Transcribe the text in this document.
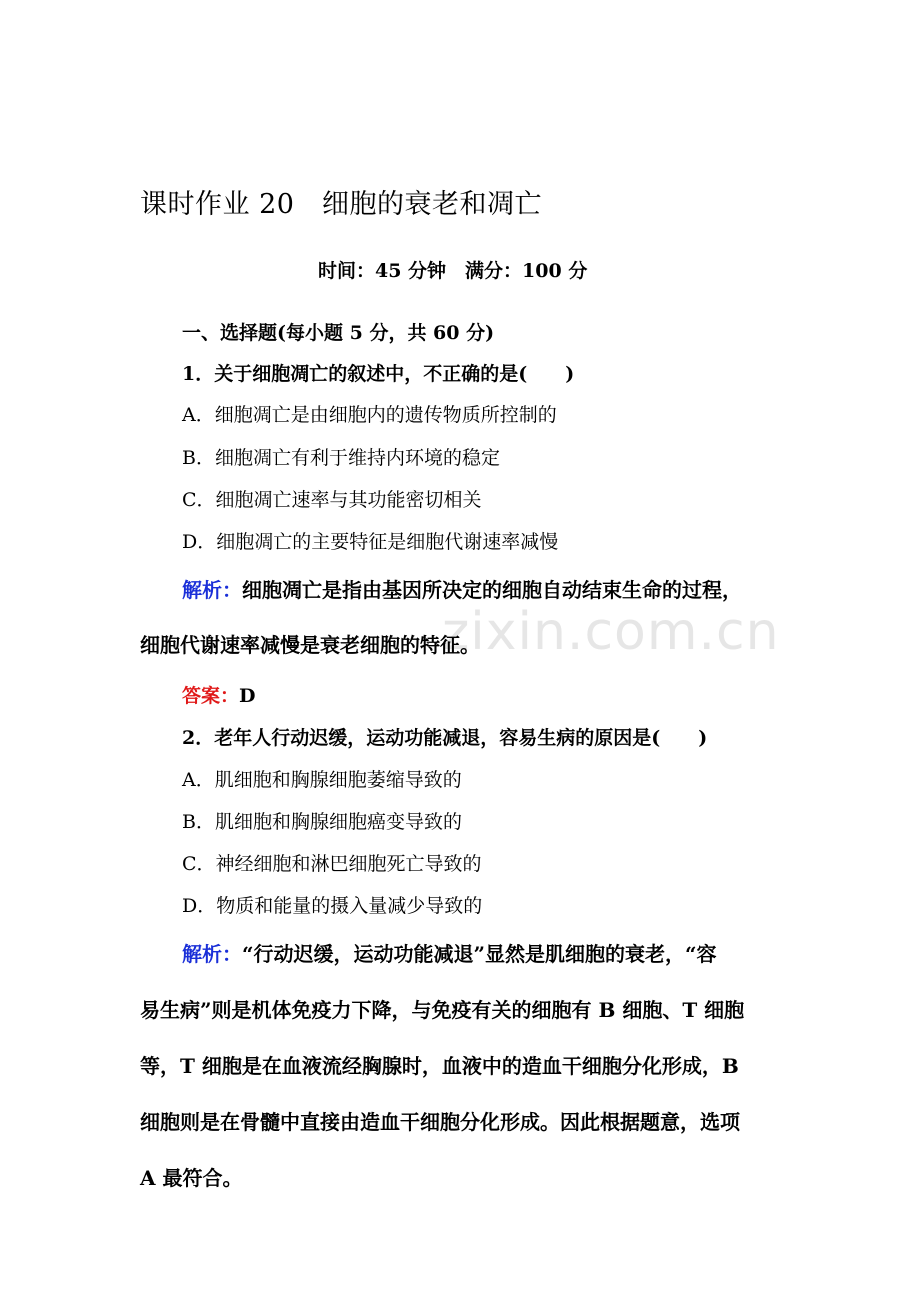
zixin.com.cn
课时作业 20　细胞的衰老和凋亡
时间：45 分钟　满分：100 分
一、选择题(每小题 5 分，共 60 分)
1．关于细胞凋亡的叙述中，不正确的是(　　)
A．细胞凋亡是由细胞内的遗传物质所控制的
B．细胞凋亡有利于维持内环境的稳定
C．细胞凋亡速率与其功能密切相关
D．细胞凋亡的主要特征是细胞代谢速率减慢
解析：细胞凋亡是指由基因所决定的细胞自动结束生命的过程，
细胞代谢速率减慢是衰老细胞的特征。
答案：D
2．老年人行动迟缓，运动功能减退，容易生病的原因是(　　)
A．肌细胞和胸腺细胞萎缩导致的
B．肌细胞和胸腺细胞癌变导致的
C．神经细胞和淋巴细胞死亡导致的
D．物质和能量的摄入量减少导致的
解析：“行动迟缓，运动功能减退”显然是肌细胞的衰老，“容
易生病”则是机体免疫力下降，与免疫有关的细胞有 B 细胞、T 细胞
等，T 细胞是在血液流经胸腺时，血液中的造血干细胞分化形成，B
细胞则是在骨髓中直接由造血干细胞分化形成。因此根据题意，选项
A 最符合。
